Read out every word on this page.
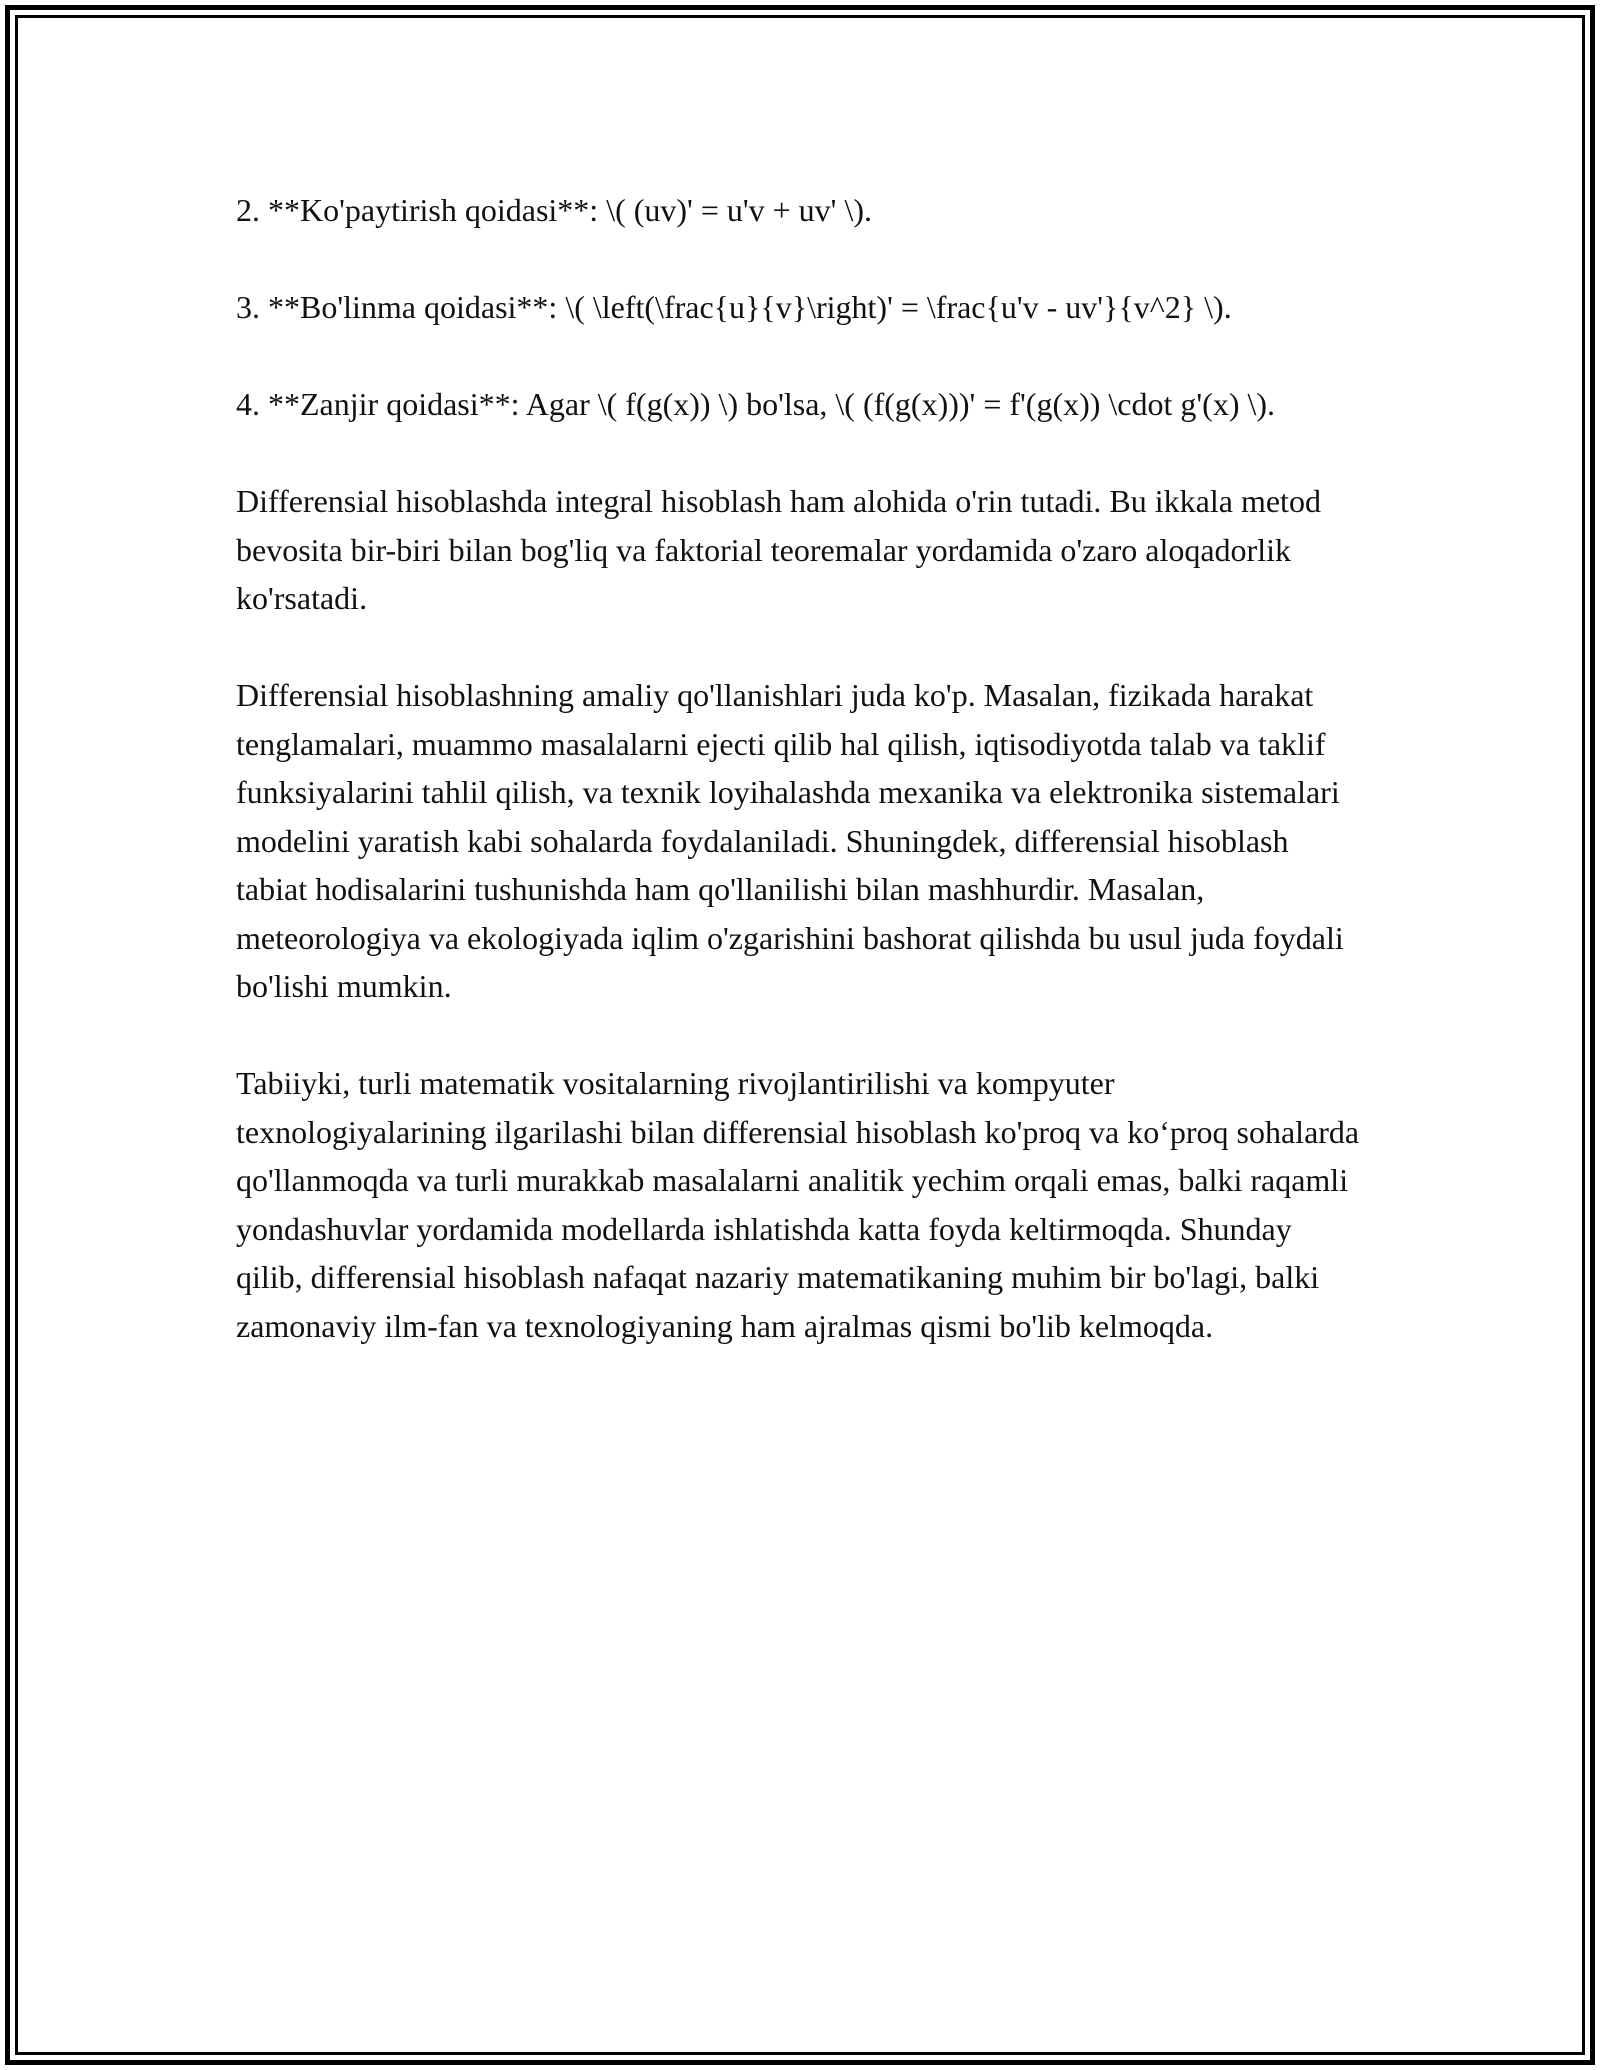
2. **Ko'paytirish qoidasi**: \( (uv)' = u'v + uv' \).

3. **Bo'linma qoidasi**: \( \left(\frac{u}{v}\right)' = \frac{u'v - uv'}{v^2} \).

4. **Zanjir qoidasi**: Agar \( f(g(x)) \) bo'lsa, \( (f(g(x)))' = f'(g(x)) \cdot g'(x) \).

Differensial hisoblashda integral hisoblash ham alohida o'rin tutadi. Bu ikkala metod bevosita bir-biri bilan bog'liq va faktorial teoremalar yordamida o'zaro aloqadorlik ko'rsatadi.

Differensial hisoblashning amaliy qo'llanishlari juda ko'p. Masalan, fizikada harakat tenglamalari, muammo masalalarni ejecti qilib hal qilish, iqtisodiyotda talab va taklif funksiyalarini tahlil qilish, va texnik loyihalashda mexanika va elektronika sistemalari modelini yaratish kabi sohalarda foydalaniladi. Shuningdek, differensial hisoblash tabiat hodisalarini tushunishda ham qo'llanilishi bilan mashhurdir. Masalan, meteorologiya va ekologiyada iqlim o'zgarishini bashorat qilishda bu usul juda foydali bo'lishi mumkin.

Tabiiyki, turli matematik vositalarning rivojlantirilishi va kompyuter texnologiyalarining ilgarilashi bilan differensial hisoblash ko'proq va ko‘proq sohalarda qo'llanmoqda va turli murakkab masalalarni analitik yechim orqali emas, balki raqamli yondashuvlar yordamida modellarda ishlatishda katta foyda keltirmoqda. Shunday qilib, differensial hisoblash nafaqat nazariy matematikaning muhim bir bo'lagi, balki zamonaviy ilm-fan va texnologiyaning ham ajralmas qismi bo'lib kelmoqda.
